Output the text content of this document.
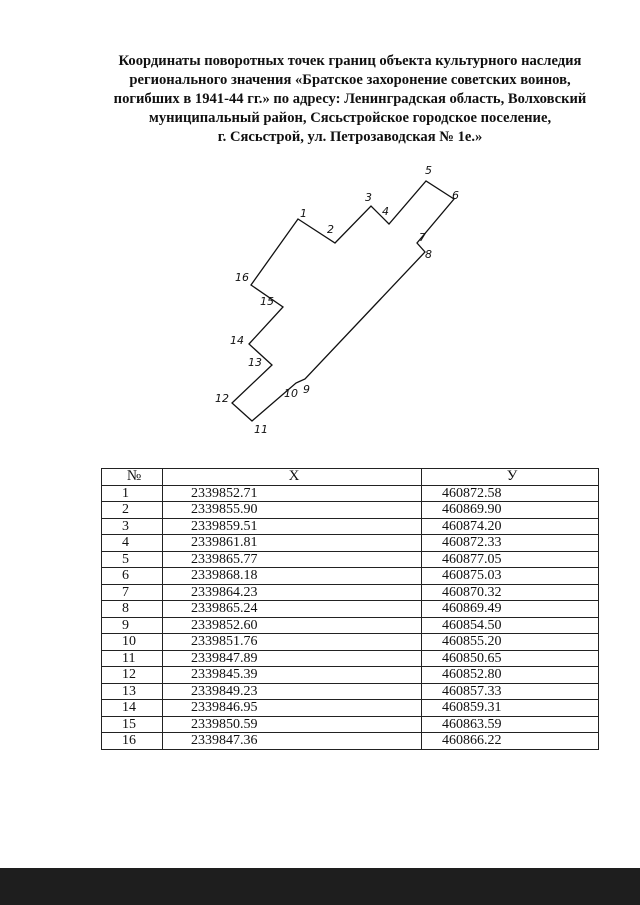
Координаты поворотных точек границ объекта культурного наследия
регионального значения «Братское захоронение советских воинов,
погибших в 1941-44 гг.» по адресу: Ленинградская область, Волховский
муниципальный район, Сясьстройское городское поселение,
г. Сясьстрой, ул. Петрозаводская № 1е.»
1
2
3
4
5
6
7
8
9
10
11
12
13
14
15
16
№	X	У
1	2339852.71	460872.58
2	2339855.90	460869.90
3	2339859.51	460874.20
4	2339861.81	460872.33
5	2339865.77	460877.05
6	2339868.18	460875.03
7	2339864.23	460870.32
8	2339865.24	460869.49
9	2339852.60	460854.50
10	2339851.76	460855.20
11	2339847.89	460850.65
12	2339845.39	460852.80
13	2339849.23	460857.33
14	2339846.95	460859.31
15	2339850.59	460863.59
16	2339847.36	460866.22
